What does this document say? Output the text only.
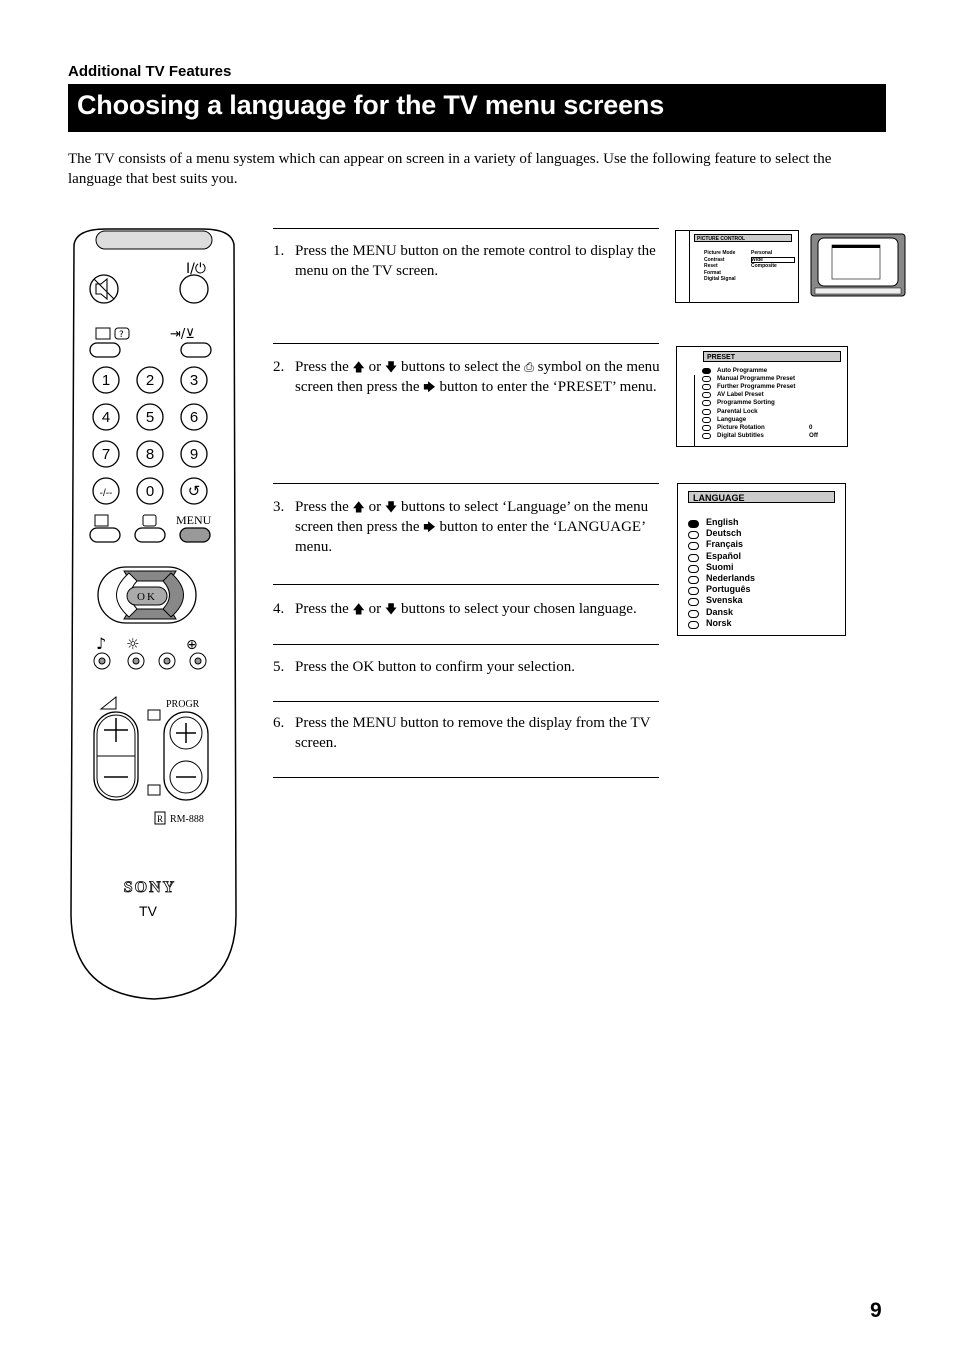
Additional TV Features
Choosing a language for the TV menu screens
The TV consists of a menu system which can appear on screen in a variety of languages. Use the following feature to select the language that best suits you.
I/⏻
?	⇥/⊻
1 2 3
4 5 6
7 8 9
-/-- 0 ↺
MENU
OK
♪ ☼	⊕
PROGR
R RM-888
SONY
TV
1. Press the MENU button on the remote control to display the menu on the TV screen.
2. Press the 🡅 or 🡇 buttons to select the ⎙ symbol on the menu screen then press the 🡆 button to enter the ‘PRESET’ menu.
3. Press the 🡅 or 🡇 buttons to select ‘Language’ on the menu screen then press the 🡆 button to enter the ‘LANGUAGE’ menu.
4. Press the 🡅 or 🡇 buttons to select your chosen language.
5. Press the OK button to confirm your selection.
6. Press the MENU button to remove the display from the TV screen.
PICTURE CONTROL
Picture Mode
Contrast
Reset
Format
Digital Signal
Personal
Wide
Composite
PRESET
Auto Programme
Manual Programme Preset
Further Programme Preset
AV Label Preset
Programme Sorting
Parental Lock
Language
Picture Rotation	0
Digital Subtitles	Off
LANGUAGE
English
Deutsch
Français
Español
Suomi
Nederlands
Português
Svenska
Dansk
Norsk
9
